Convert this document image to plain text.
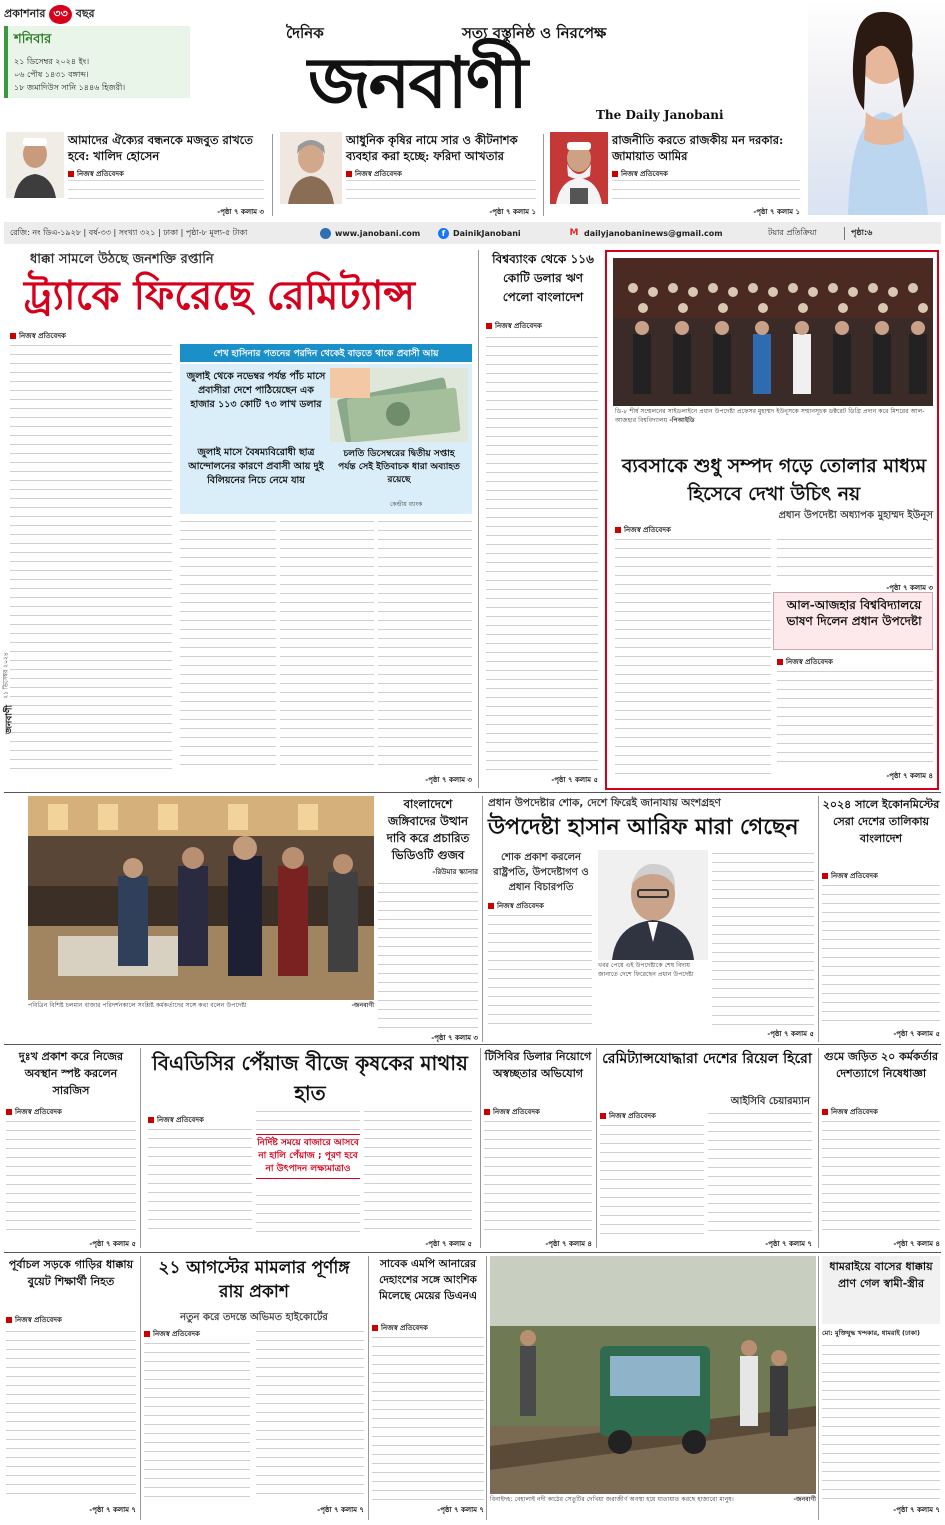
প্রকাশনার ৩৩ বছর
শনিবার
২১ ডিসেম্বর ২০২৪ ইং।
০৬ পৌষ ১৪৩১ বঙ্গাব্দ।
১৮ জমাদিউস সানি ১৪৪৬ হিজরী।
দৈনিক	সত্য বস্তুনিষ্ঠ ও নিরপেক্ষ
জনবাণী	The Daily Janobani
আমাদের ঐক্যের বন্ধনকে মজবুত রাখতে হবে: খালিদ হোসেন
নিজস্ব প্রতিবেদক
-পৃষ্ঠা ৭ কলাম ৩
আধুনিক কৃষির নামে সার ও কীটনাশক ব্যবহার করা হচ্ছে: ফরিদা আখতার
নিজস্ব প্রতিবেদক
-পৃষ্ঠা ৭ কলাম ১
রাজনীতি করতে রাজকীয় মন দরকার: জামায়াত আমির
নিজস্ব প্রতিবেদক
-পৃষ্ঠা ৭ কলাম ১
রেজি: নং ডিএ-১৯২৮ | বর্ষ-৩৩ | সংখ্যা ৩২১ | ঢাকা | পৃষ্ঠা-৮ মূল্য-৫ টাকা	www.janobani.com	f DainikJanobani	M dailyjanobaninews@gmail.com	টয়ার প্রতিক্রিয়া	পৃষ্ঠা:৬
ধাক্কা সামলে উঠছে জনশক্তি রপ্তানি
ট্র্যাকে ফিরেছে রেমিট্যান্স
নিজস্ব প্রতিবেদক
শেখ হাসিনার পতনের পরদিন থেকেই বাড়তে থাকে প্রবাসী আয়
জুলাই থেকে নভেম্বর পর্যন্ত পাঁচ মাসে প্রবাসীরা দেশে পাঠিয়েছেন এক হাজার ১১৩ কোটি ৭৩ লাখ ডলার
জুলাই মাসে বৈষম্যবিরোধী ছাত্র আন্দোলনের কারণে প্রবাসী আয় দুই বিলিয়নের নিচে নেমে যায়
চলতি ডিসেম্বরের দ্বিতীয় সপ্তাহ পর্যন্ত সেই ইতিবাচক ধারা অব্যাহত রয়েছে
কেন্দ্রীয় ব্যাংক
-পৃষ্ঠা ৭ কলাম ৩
বিশ্বব্যাংক থেকে ১১৬ কোটি ডলার ঋণ পেলো বাংলাদেশ
নিজস্ব প্রতিবেদক
-পৃষ্ঠা ৭ কলাম ৫
ডি-৮ শীর্ষ সম্মেলনের সাইডলাইনে প্রধান উপদেষ্টা প্রফেসর মুহাম্মদ ইউনূসকে সম্মানসূচক ডক্টরেট ডিগ্রি প্রদান করে মিশরের আল-আজহার বিশ্ববিদ্যালয় -পিআইডি
ব্যবসাকে শুধু সম্পদ গড়ে তোলার মাধ্যম হিসেবে দেখা উচিৎ নয়
প্রধান উপদেষ্টা অধ্যাপক মুহাম্মদ ইউনূস
নিজস্ব প্রতিবেদক
-পৃষ্ঠা ৭ কলাম ৩
আল-আজহার বিশ্ববিদ্যালয়ে ভাষণ দিলেন প্রধান উপদেষ্টা
নিজস্ব প্রতিবেদক
-পৃষ্ঠা ৭ কলাম ৪
জনবাণী
২১ ডিসেম্বর ২০২৪
পবিত্রিন বিশিষ্ট চলমান বাজার পরিদর্শনকালে সংশ্লিষ্ট কর্মকর্তাদের সঙ্গে কথা বলেন উপদেষ্টা	-জনবাণী
বাংলাদেশে জঙ্গিবাদের উত্থান দাবি করে প্রচারিত ভিডিওটি গুজব
-রিউমার স্ক্যানার
-পৃষ্ঠা ৭ কলাম ৩
প্রধান উপদেষ্টার শোক, দেশে ফিরেই জানাযায় অংশগ্রহণ
উপদেষ্টা হাসান আরিফ মারা গেছেন
শোক প্রকাশ করলেন রাষ্ট্রপতি, উপদেষ্টাগণ ও প্রধান বিচারপতি
নিজস্ব প্রতিবেদক
খবর পেয়ে এই উপদেষ্টাকে শেষ বিদায় জানাতে দেশে ফিরেছেন প্রধান উপদেষ্টা
-পৃষ্ঠা ৭ কলাম ৫
২০২৪ সালে ইকোনমিস্টের সেরা দেশের তালিকায় বাংলাদেশ
নিজস্ব প্রতিবেদক
-পৃষ্ঠা ৭ কলাম ৫
দুঃখ প্রকাশ করে নিজের অবস্থান স্পষ্ট করলেন সারজিস
নিজস্ব প্রতিবেদক
-পৃষ্ঠা ৭ কলাম ৫
বিএডিসির পেঁয়াজ বীজে কৃষকের মাথায় হাত
নিজস্ব প্রতিবেদক
নির্দিষ্ট সময়ে বাজারে আসবে না হালি পেঁয়াজ ; পূরণ হবে না উৎপাদন লক্ষ্যমাত্রাও
-পৃষ্ঠা ৭ কলাম ৫
টিসিবির ডিলার নিয়োগে অস্বচ্ছতার অভিযোগ
নিজস্ব প্রতিবেদক
-পৃষ্ঠা ৭ কলাম ৪
রেমিট্যান্সযোদ্ধারা দেশের রিয়েল হিরো
আইসিবি চেয়ারম্যান
নিজস্ব প্রতিবেদক
-পৃষ্ঠা ৭ কলাম ৭
গুমে জড়িত ২০ কর্মকর্তার দেশত্যাগে নিষেধাজ্ঞা
নিজস্ব প্রতিবেদক
-পৃষ্ঠা ৭ কলাম ৪
পূর্বাচল সড়কে গাড়ির ধাক্কায় বুয়েট শিক্ষার্থী নিহত
নিজস্ব প্রতিবেদক
-পৃষ্ঠা ৭ কলাম ৭
২১ আগস্টের মামলার পূর্ণাঙ্গ রায় প্রকাশ
নতুন করে তদন্তে অভিমত হাইকোর্টের
নিজস্ব প্রতিবেদক
-পৃষ্ঠা ৭ কলাম ৭
সাবেক এমপি আনারের দেহাংশের সঙ্গে আংশিক মিলেছে মেয়ের ডিএনএ
নিজস্ব প্রতিবেদক
-পৃষ্ঠা ৭ কলাম ৭
বিনাইদহ: বেহালাই নদী কাঠের সেতুটির দেখিয়া জরাজীর্ণ অবস্থা হয়ে যাতায়াত করছে হাজারো মানুষ।	-জনবাণী
ধামরাইয়ে বাসের ধাক্কায় প্রাণ গেল স্বামী-স্ত্রীর
মো: মুক্তিযুদ্ধ খন্দকার, ধামরাই (ঢাকা)
-পৃষ্ঠা ৭ কলাম ৭
